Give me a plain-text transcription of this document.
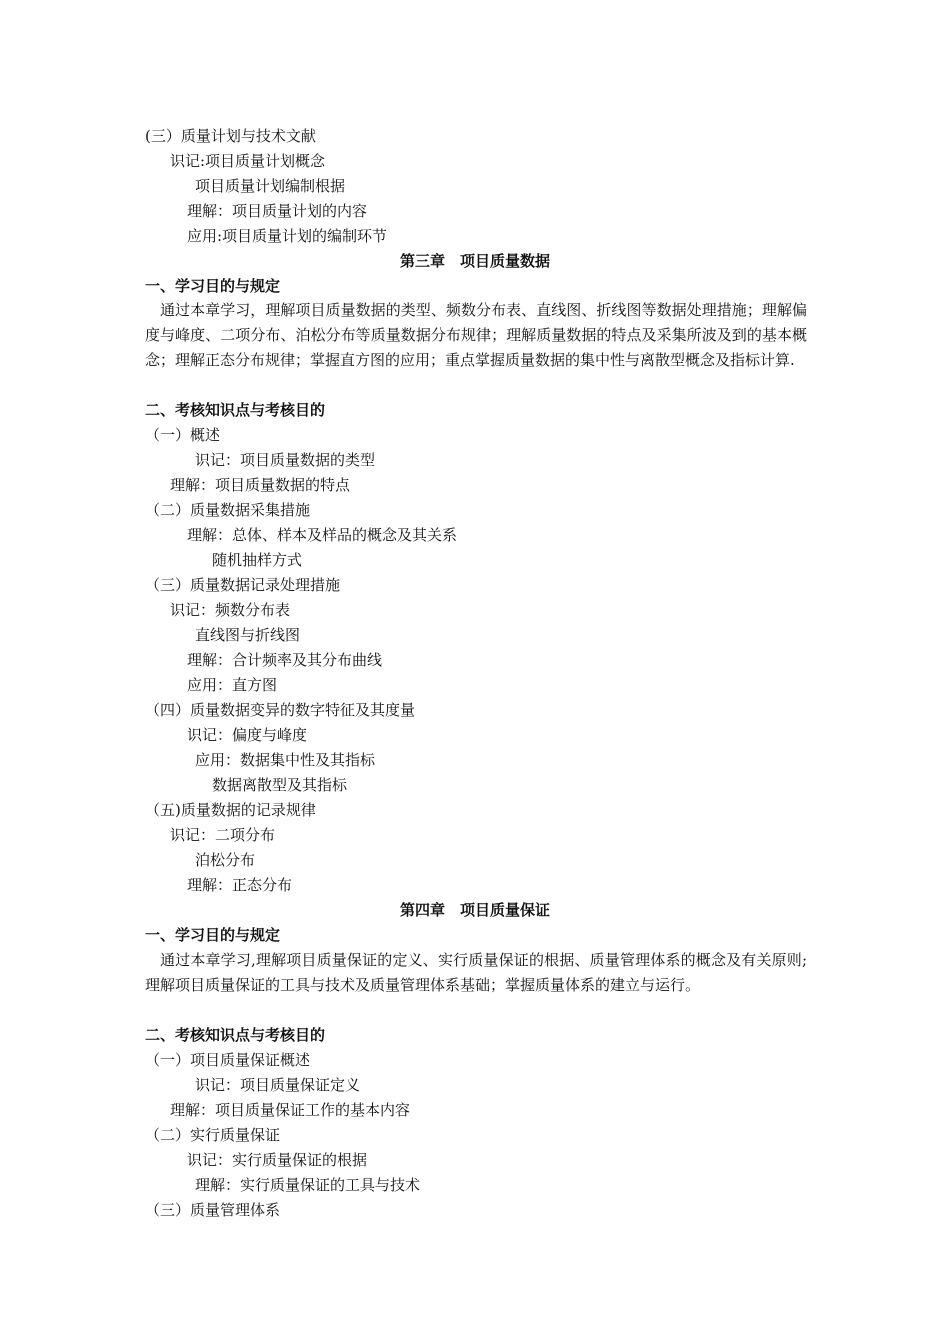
(三）质量计划与技术文献
识记:项目质量计划概念
项目质量计划编制根据
理解：项目质量计划的内容
应用:项目质量计划的编制环节
第三章　项目质量数据
一、学习目的与规定
通过本章学习，理解项目质量数据的类型、频数分布表、直线图、折线图等数据处理措施；理解偏度与峰度、二项分布、泊松分布等质量数据分布规律；理解质量数据的特点及采集所波及到的基本概念；理解正态分布规律；掌握直方图的应用；重点掌握质量数据的集中性与离散型概念及指标计算.
二、考核知识点与考核目的
（一）概述
识记：项目质量数据的类型
理解：项目质量数据的特点
（二）质量数据采集措施
理解：总体、样本及样品的概念及其关系
随机抽样方式
（三）质量数据记录处理措施
识记：频数分布表
直线图与折线图
理解：合计频率及其分布曲线
应用：直方图
（四）质量数据变异的数字特征及其度量
识记：偏度与峰度
应用：数据集中性及其指标
数据离散型及其指标
（五)质量数据的记录规律
识记：二项分布
泊松分布
理解：正态分布
第四章　项目质量保证
一、学习目的与规定
通过本章学习,理解项目质量保证的定义、实行质量保证的根据、质量管理体系的概念及有关原则;理解项目质量保证的工具与技术及质量管理体系基础；掌握质量体系的建立与运行。
二、考核知识点与考核目的
（一）项目质量保证概述
识记：项目质量保证定义
理解：项目质量保证工作的基本内容
（二）实行质量保证
识记：实行质量保证的根据
理解：实行质量保证的工具与技术
（三）质量管理体系
